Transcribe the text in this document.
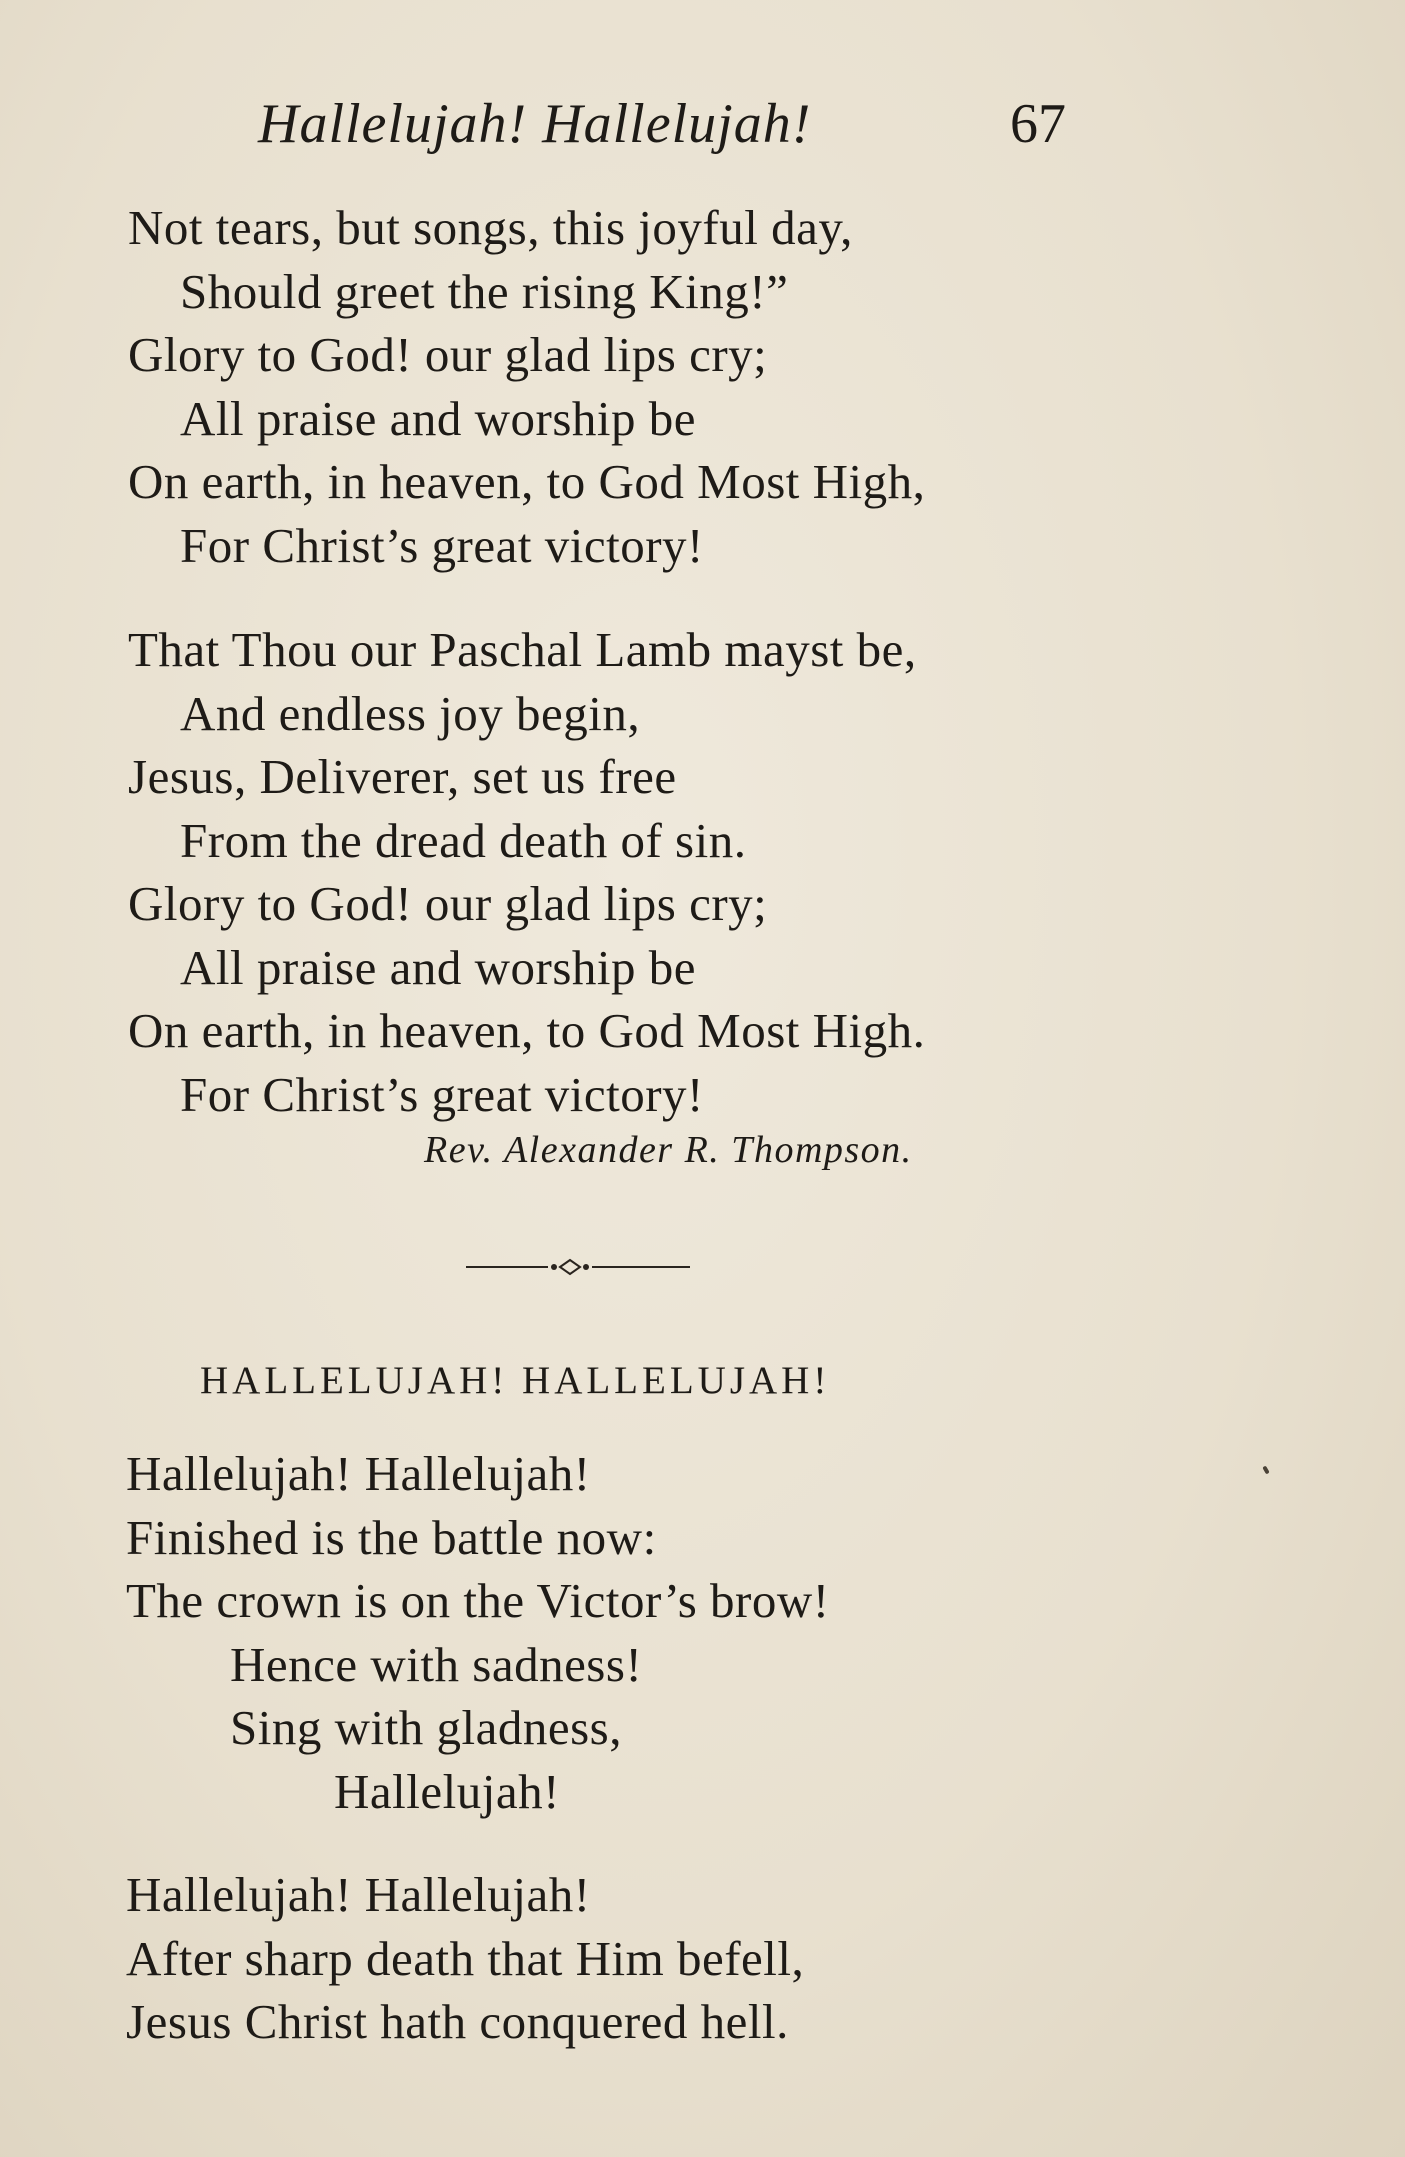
Hallelujah! Hallelujah!	67
Not tears, but songs, this joyful day,
Should greet the rising King!”
Glory to God! our glad lips cry;
All praise and worship be
On earth, in heaven, to God Most High,
For Christ’s great victory!
That Thou our Paschal Lamb mayst be,
And endless joy begin,
Jesus, Deliverer, set us free
From the dread death of sin.
Glory to God! our glad lips cry;
All praise and worship be
On earth, in heaven, to God Most High.
For Christ’s great victory!
Rev. Alexander R. Thompson.
HALLELUJAH! HALLELUJAH!
Hallelujah! Hallelujah!
Finished is the battle now:
The crown is on the Victor’s brow!
Hence with sadness!
Sing with gladness,
Hallelujah!
Hallelujah! Hallelujah!
After sharp death that Him befell,
Jesus Christ hath conquered hell.
